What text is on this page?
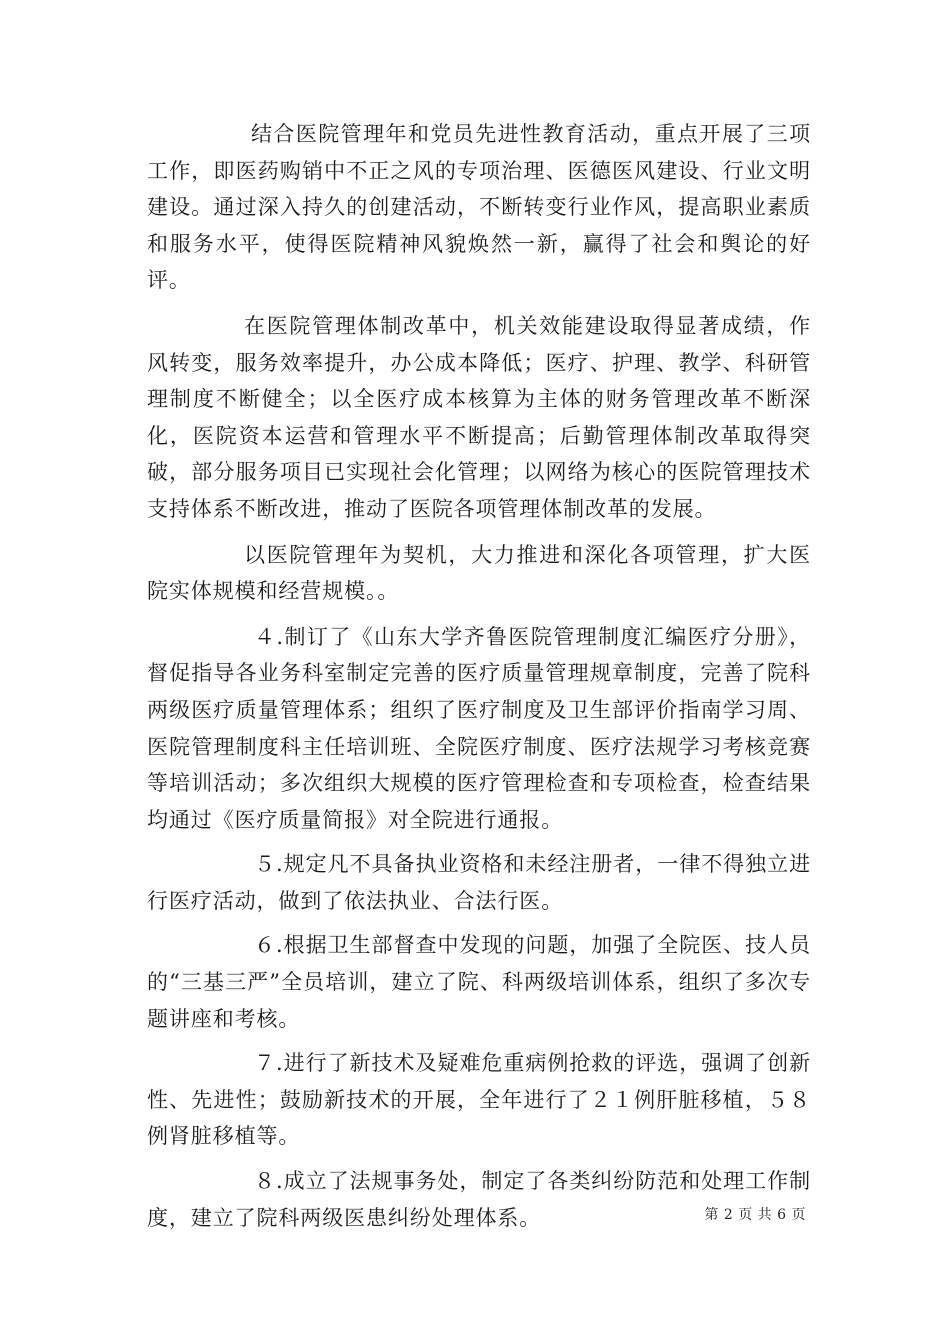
结合医院管理年和党员先进性教育活动，重点开展了三项工作，即医药购销中不正之风的专项治理、医德医风建设、行业文明建设。通过深入持久的创建活动，不断转变行业作风，提高职业素质和服务水平，使得医院精神风貌焕然一新，赢得了社会和舆论的好评。

在医院管理体制改革中，机关效能建设取得显著成绩，作风转变，服务效率提升，办公成本降低；医疗、护理、教学、科研管理制度不断健全；以全医疗成本核算为主体的财务管理改革不断深化，医院资本运营和管理水平不断提高；后勤管理体制改革取得突破，部分服务项目已实现社会化管理；以网络为核心的医院管理技术支持体系不断改进，推动了医院各项管理体制改革的发展。

以医院管理年为契机，大力推进和深化各项管理，扩大医院实体规模和经营规模。。

４.制订了《山东大学齐鲁医院管理制度汇编医疗分册》，督促指导各业务科室制定完善的医疗质量管理规章制度，完善了院科两级医疗质量管理体系；组织了医疗制度及卫生部评价指南学习周、医院管理制度科主任培训班、全院医疗制度、医疗法规学习考核竞赛等培训活动；多次组织大规模的医疗管理检查和专项检查，检查结果均通过《医疗质量简报》对全院进行通报。

５.规定凡不具备执业资格和未经注册者，一律不得独立进行医疗活动，做到了依法执业、合法行医。

６.根据卫生部督查中发现的问题，加强了全院医、技人员的“三基三严”全员培训，建立了院、科两级培训体系，组织了多次专题讲座和考核。

７.进行了新技术及疑难危重病例抢救的评选，强调了创新性、先进性；鼓励新技术的开展，全年进行了２１例肝脏移植，５８例肾脏移植等。

８.成立了法规事务处，制定了各类纠纷防范和处理工作制度，建立了院科两级医患纠纷处理体系。	第 2 页 共 6 页
